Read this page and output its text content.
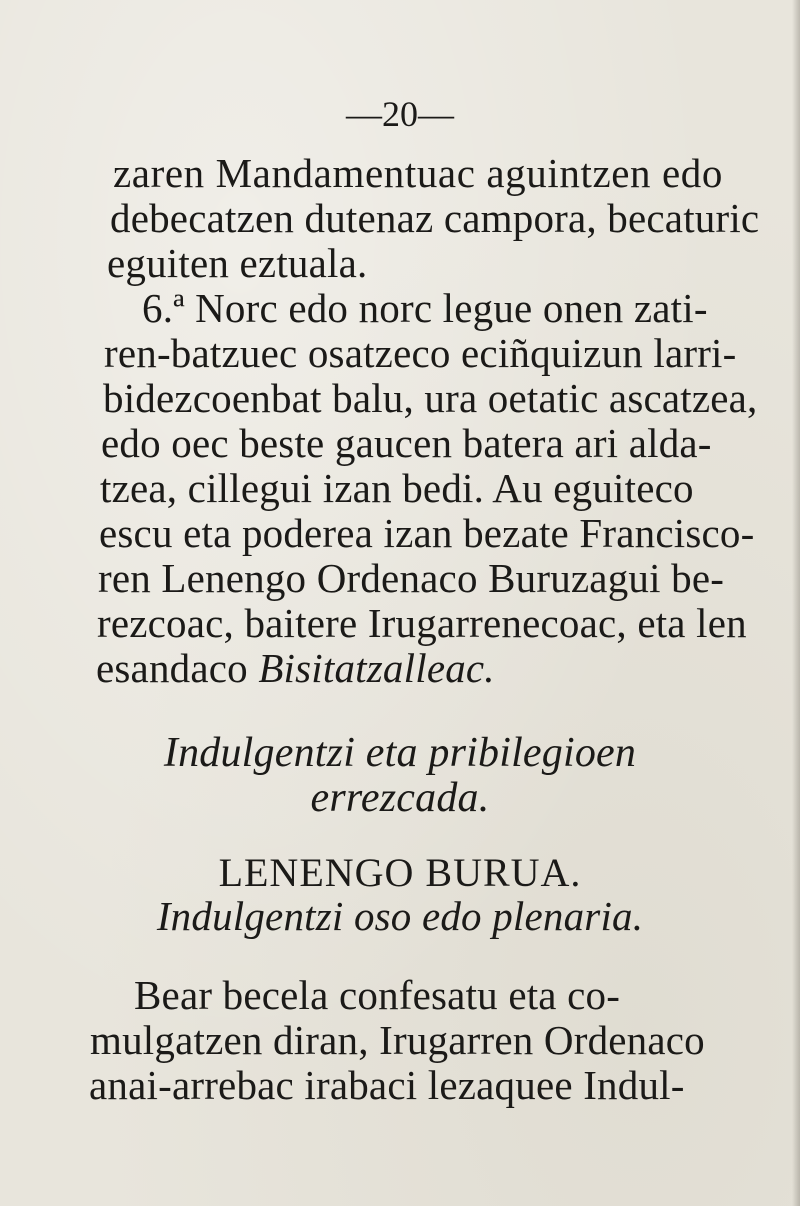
—20—
zaren Mandamentuac aguintzen edo
debecatzen dutenaz campora, becaturic
eguiten eztuala.
6.ª Norc edo norc legue onen zati-
ren-batzuec osatzeco eciñquizun larri-
bidezcoenbat balu, ura oetatic ascatzea,
edo oec beste gaucen batera ari alda-
tzea, cillegui izan bedi. Au eguiteco
escu eta poderea izan bezate Francisco-
ren Lenengo Ordenaco Buruzagui be-
rezcoac, baitere Irugarrenecoac, eta len
esandaco Bisitatzalleac.
Indulgentzi eta pribilegioen
errezcada.
LENENGO BURUA.
Indulgentzi oso edo plenaria.
Bear becela confesatu eta co-
mulgatzen diran, Irugarren Ordenaco
anai-arrebac irabaci lezaquee Indul-
